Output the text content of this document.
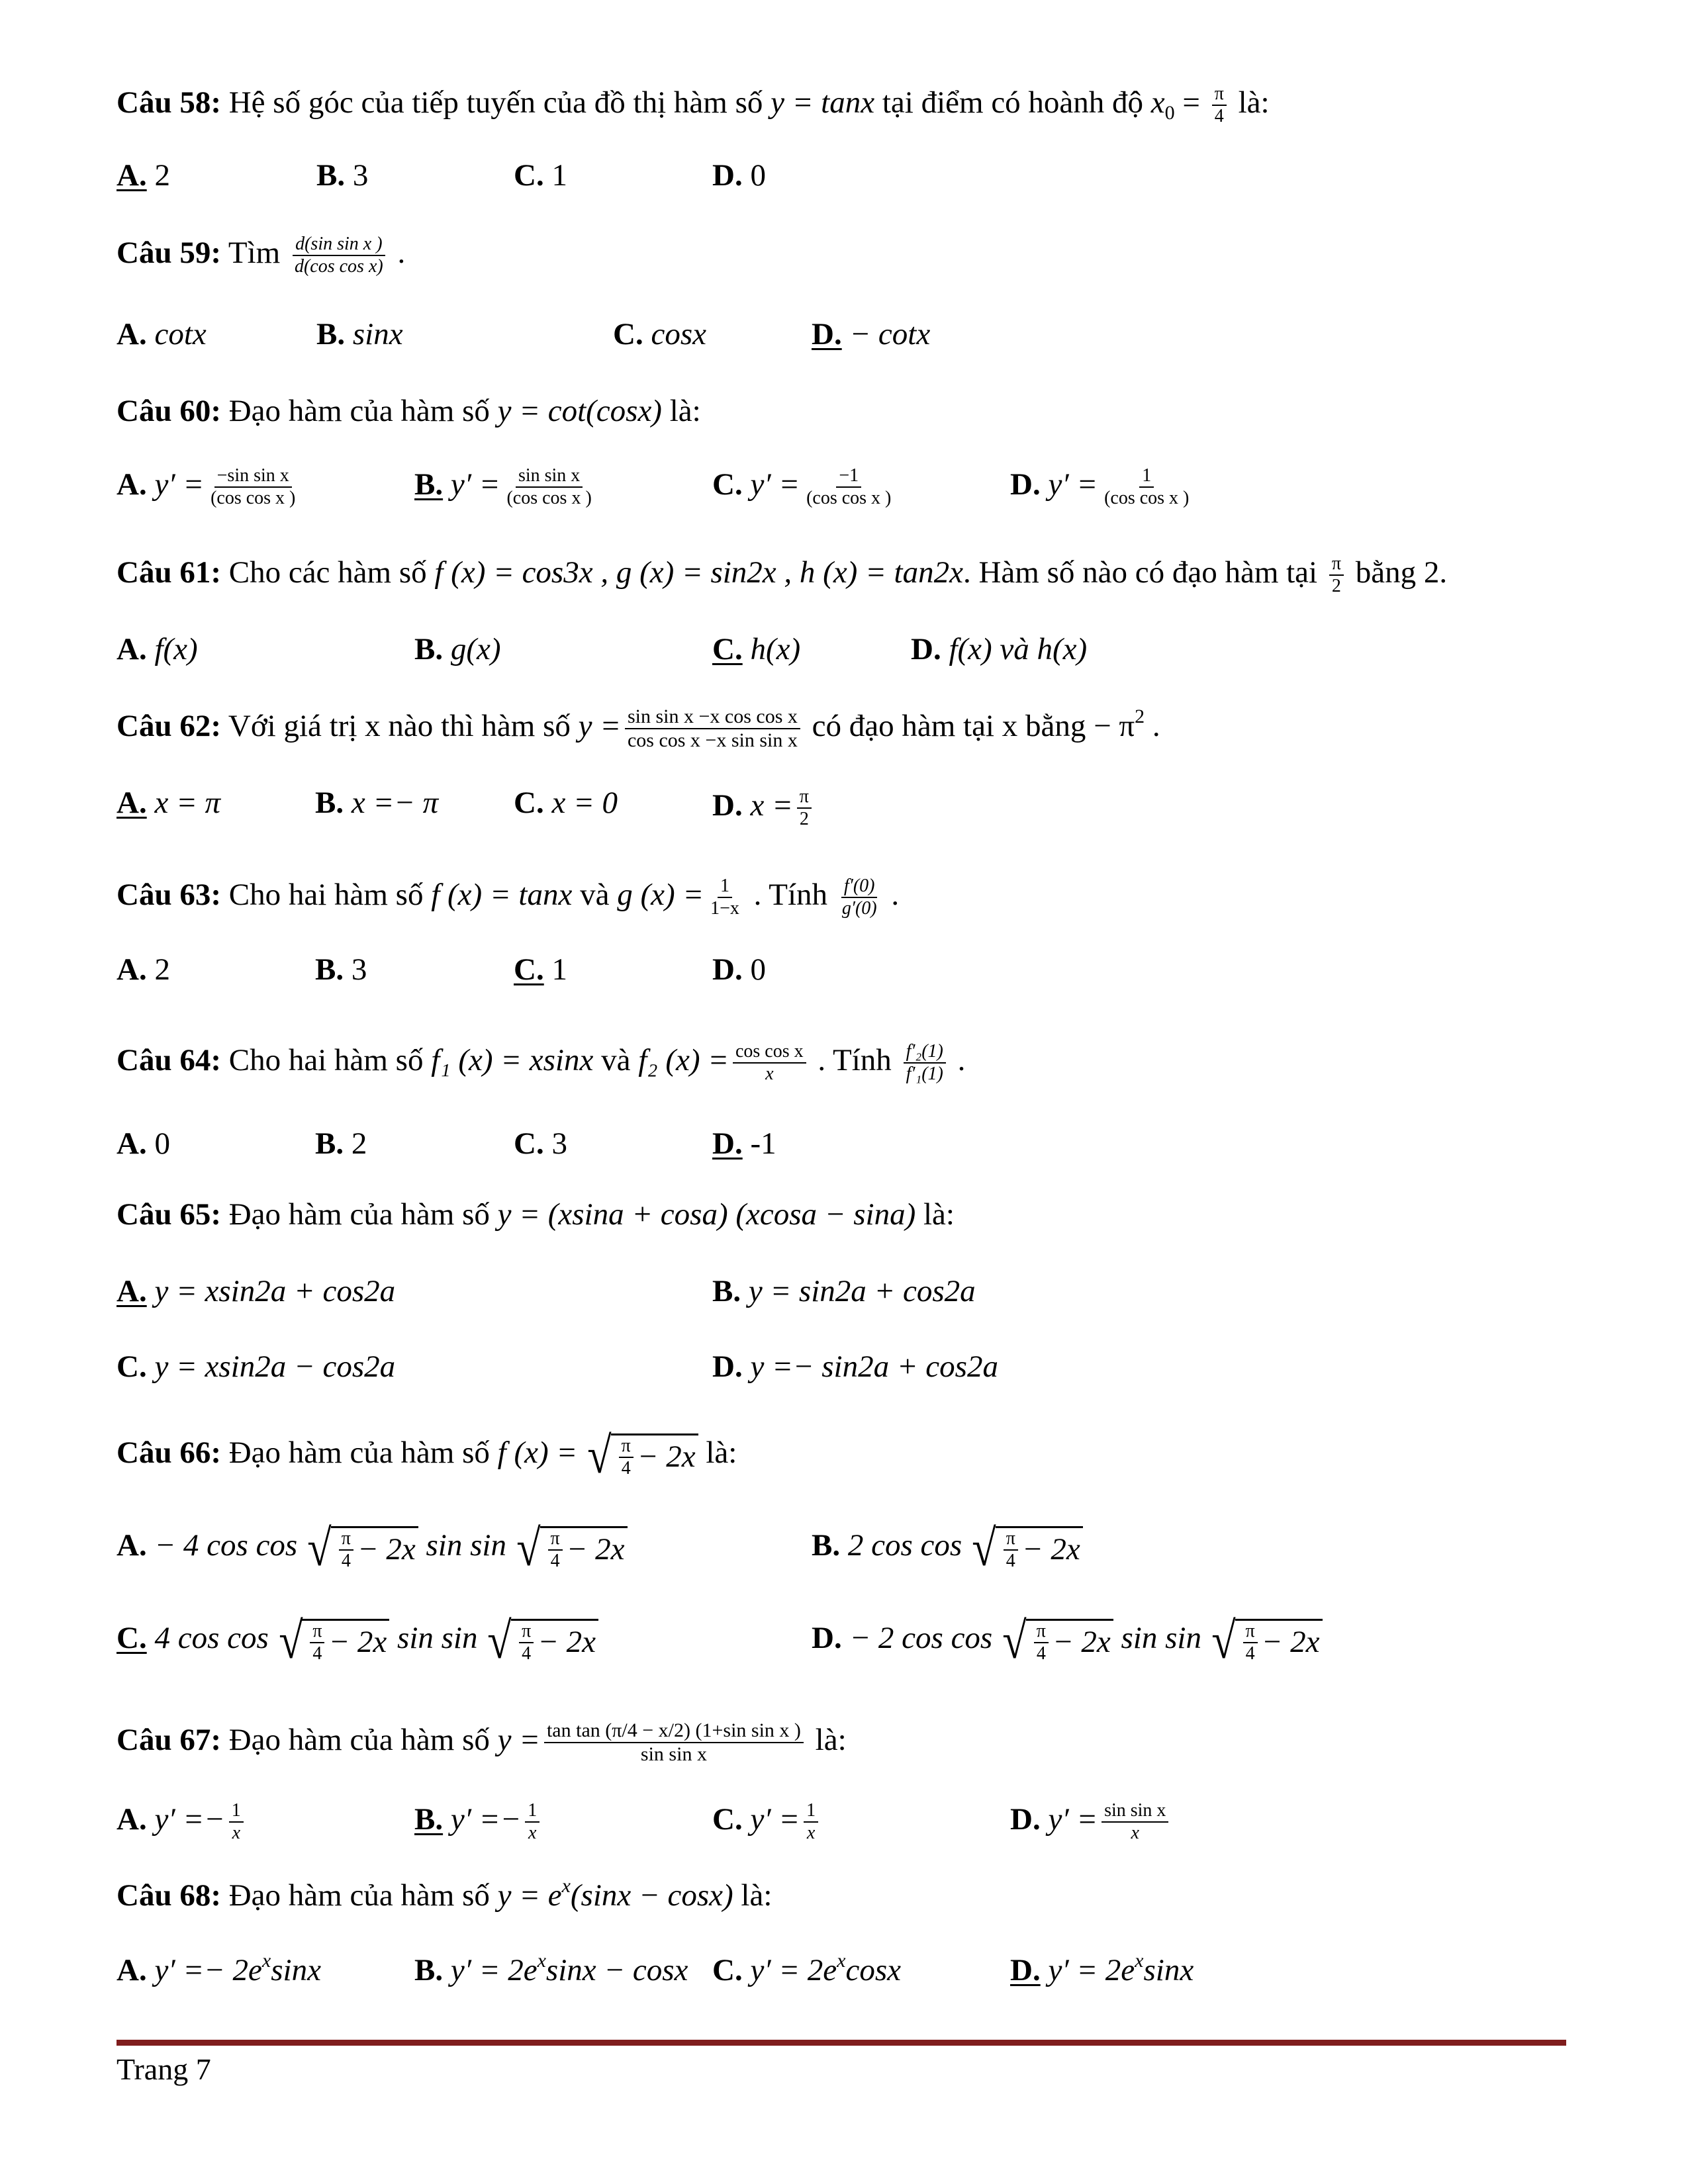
Câu 58: Hệ số góc của tiếp tuyến của đồ thị hàm số y = tanx tại điểm có hoành độ $x_0 = \frac{\pi}{4}$ là:
A. 2	B. 3	C. 1	D. 0
Câu 59: Tìm $\frac{\text{d(sin sin x )}}{\text{d(cos cos x)}}$ .
A. cotx	B. sinx	C. cosx	D. − cotx
Câu 60: Đạo hàm của hàm số y = cot(cosx) là:
A. $y' = \frac{\text{−sin sin x}}{\text{(cos cos x )}}$	B. $y' = \frac{\text{sin sin x}}{\text{(cos cos x )}}$	C. $y' = \frac{-1}{\text{(cos cos x )}}$	D. $y' = \frac{1}{\text{(cos cos x )}}$
Câu 61: Cho các hàm số f (x) = cos3x , g (x) = sin2x , h (x) = tan2x. Hàm số nào có đạo hàm tại $\frac{\pi}{2}$ bằng 2.
A. f(x)	B. g(x)	C. h(x)	D. f(x) và h(x)
Câu 62: Với giá trị x nào thì hàm số $y = \frac{\text{sin sin x −x cos cos x}}{\text{cos cos x −x sin sin x}}$ có đạo hàm tại x bằng − $\pi^2$ .
A. x = π	B. x =− π C. x = 0	D. $x = \frac{\pi}{2}$
Câu 63: Cho hai hàm số f (x) = tanx và g $(x) = \frac{1}{1-x}$ . Tính $\frac{f'(0)}{g'(0)}$ .
A. 2	B. 3	C. 1	D. 0
Câu 64: Cho hai hàm số f₁ (x) = xsinx và f₂ $(x) = \frac{\text{cos cos x}}{x}$ . Tính $\frac{\text{f′₂(1)}}{\text{f′₁(1)}}$ .
A. 0	B. 2	C. 3	D. -1
Câu 65: Đạo hàm của hàm số y = (xsina + cosa) (xcosa − sina) là:
A. y = xsin2a + cos2a	B. y = sin2a + cos2a
C. y = xsin2a − cos2a	D. y =− sin2a + cos2a
Câu 66: Đạo hàm của hàm số f (x) = √ $\frac{\pi}{4} - 2x$ là:
A. − 4 cos cos √ $\frac{\pi}{4} - 2x$ sin sin √ $\frac{\pi}{4} - 2x$	B. 2 cos cos √ $\frac{\pi}{4} - 2x$
C. 4 cos cos √ $\frac{\pi}{4} - 2x$ sin sin √ $\frac{\pi}{4} - 2x$	D. − 2 cos cos √ $\frac{\pi}{4} - 2x$ sin sin √ $\frac{\pi}{4} - 2x$
Câu 67: Đạo hàm của hàm số $y = \frac{\text{tan tan (π/4 − x/2) (1+sin sin x )}}{\text{sin sin x}}$ là:
A. $y' =- \frac{1}{x}$	B. $y' =- \frac{1}{x}$	C. $y' = \frac{1}{x}$	D. $y' = \frac{\text{sin sin x}}{x}$
Câu 68: Đạo hàm của hàm số $y = e^x(\sin x - \cos x)$ là:
A. $y' =- 2e^x\sin x$	B. $y' = 2e^x\sin x - \cos x$ C. $y' = 2e^x\cos x$	D. $y' = 2e^x\sin x$
Trang 7
